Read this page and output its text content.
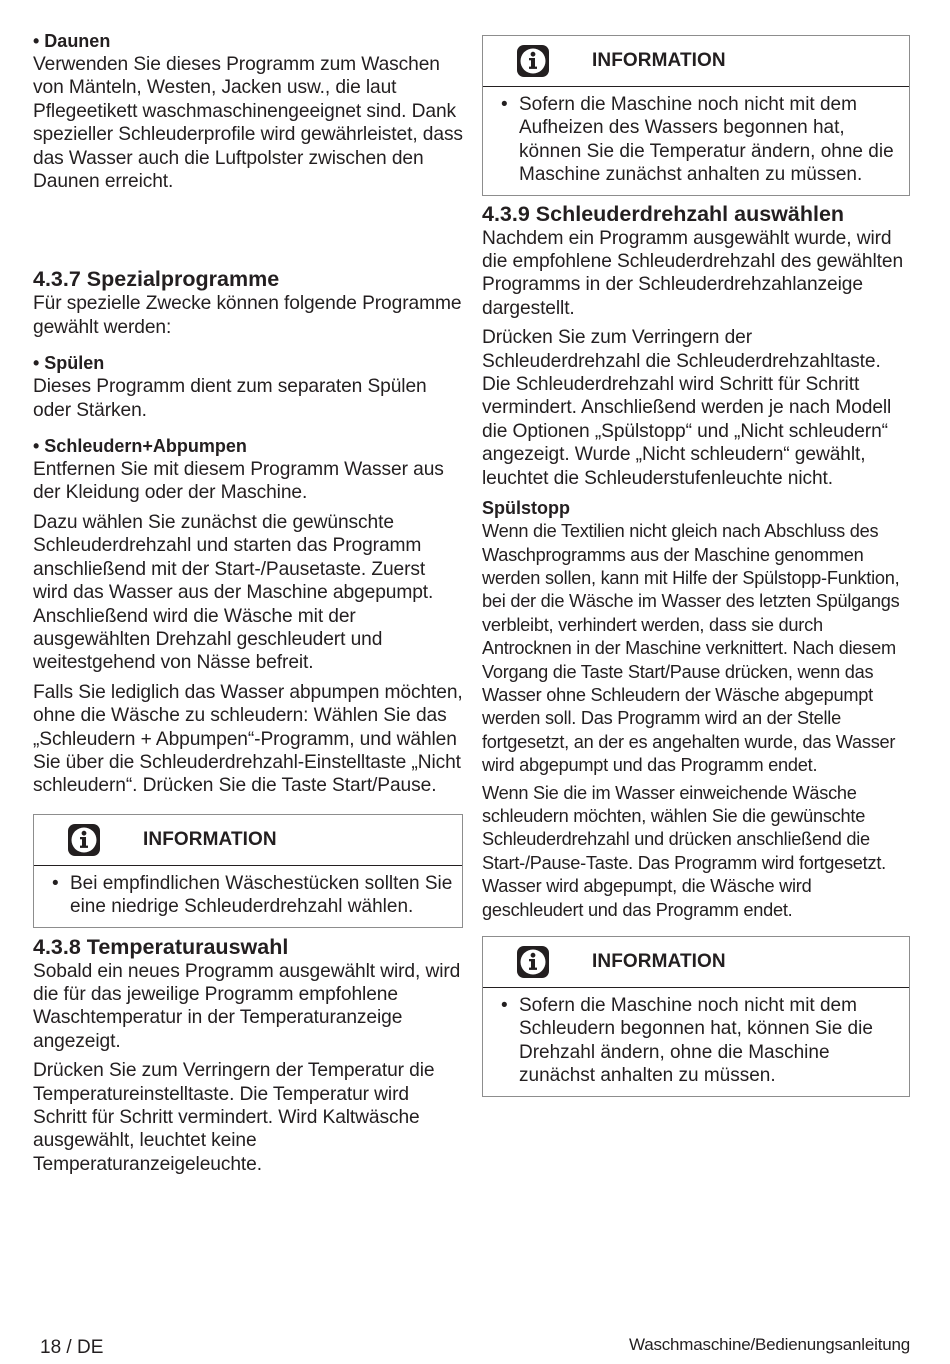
• Daunen

Verwenden Sie dieses Programm zum Waschen von Mänteln, Westen, Jacken usw., die laut Pflegeetikett waschmaschinengeeignet sind. Dank spezieller Schleuderprofile wird gewährleistet, dass das Wasser auch die Luftpolster zwischen den Daunen erreicht.

4.3.7 Spezialprogramme

Für spezielle Zwecke können folgende Programme gewählt werden:

• Spülen

Dieses Programm dient zum separaten Spülen oder Stärken.

• Schleudern+Abpumpen

Entfernen Sie mit diesem Programm Wasser aus der Kleidung oder der Maschine.

Dazu wählen Sie zunächst die gewünschte Schleuderdrehzahl und starten das Programm anschließend mit der Start-/Pausetaste. Zuerst wird das Wasser aus der Maschine abgepumpt. Anschließend wird die Wäsche mit der ausgewählten Drehzahl geschleudert und weitestgehend von Nässe befreit.

Falls Sie lediglich das Wasser abpumpen möchten, ohne die Wäsche zu schleudern: Wählen Sie das „Schleudern + Abpumpen“-Programm, und wählen Sie über die Schleuderdrehzahl-Einstelltaste „Nicht schleudern“. Drücken Sie die Taste Start/Pause.

INFORMATION
• Bei empfindlichen Wäschestücken sollten Sie eine niedrige Schleuderdrehzahl wählen.
4.3.8 Temperaturauswahl

Sobald ein neues Programm ausgewählt wird, wird die für das jeweilige Programm empfohlene Waschtemperatur in der Temperaturanzeige angezeigt.

Drücken Sie zum Verringern der Temperatur die Temperatureinstelltaste. Die Temperatur wird Schritt für Schritt vermindert. Wird Kaltwäsche ausgewählt, leuchtet keine Temperaturanzeigeleuchte.

INFORMATION
• Sofern die Maschine noch nicht mit dem Aufheizen des Wassers begonnen hat, können Sie die Temperatur ändern, ohne die Maschine zunächst anhalten zu müssen.
4.3.9 Schleuderdrehzahl auswählen

Nachdem ein Programm ausgewählt wurde, wird die empfohlene Schleuderdrehzahl des gewählten Programms in der Schleuderdrehzahlanzeige dargestellt.

Drücken Sie zum Verringern der Schleuderdrehzahl die Schleuderdrehzahltaste. Die Schleuderdrehzahl wird Schritt für Schritt vermindert. Anschließend werden je nach Modell die Optionen „Spülstopp“ und „Nicht schleudern“ angezeigt. Wurde „Nicht schleudern“ gewählt, leuchtet die Schleuderstufenleuchte nicht.

Spülstopp

Wenn die Textilien nicht gleich nach Abschluss des Waschprogramms aus der Maschine genommen werden sollen, kann mit Hilfe der Spülstopp-Funktion, bei der die Wäsche im Wasser des letzten Spülgangs verbleibt, verhindert werden, dass sie durch Antrocknen in der Maschine verknittert. Nach diesem Vorgang die Taste Start/Pause drücken, wenn das Wasser ohne Schleudern der Wäsche abgepumpt werden soll. Das Programm wird an der Stelle fortgesetzt, an der es angehalten wurde, das Wasser wird abgepumpt und das Programm endet.

Wenn Sie die im Wasser einweichende Wäsche schleudern möchten, wählen Sie die gewünschte Schleuderdrehzahl und drücken anschließend die Start-/Pause-Taste. Das Programm wird fortgesetzt. Wasser wird abgepumpt, die Wäsche wird geschleudert und das Programm endet.

INFORMATION
• Sofern die Maschine noch nicht mit dem Schleudern begonnen hat, können Sie die Drehzahl ändern, ohne die Maschine zunächst anhalten zu müssen.
18 / DE	Waschmaschine/Bedienungsanleitung
